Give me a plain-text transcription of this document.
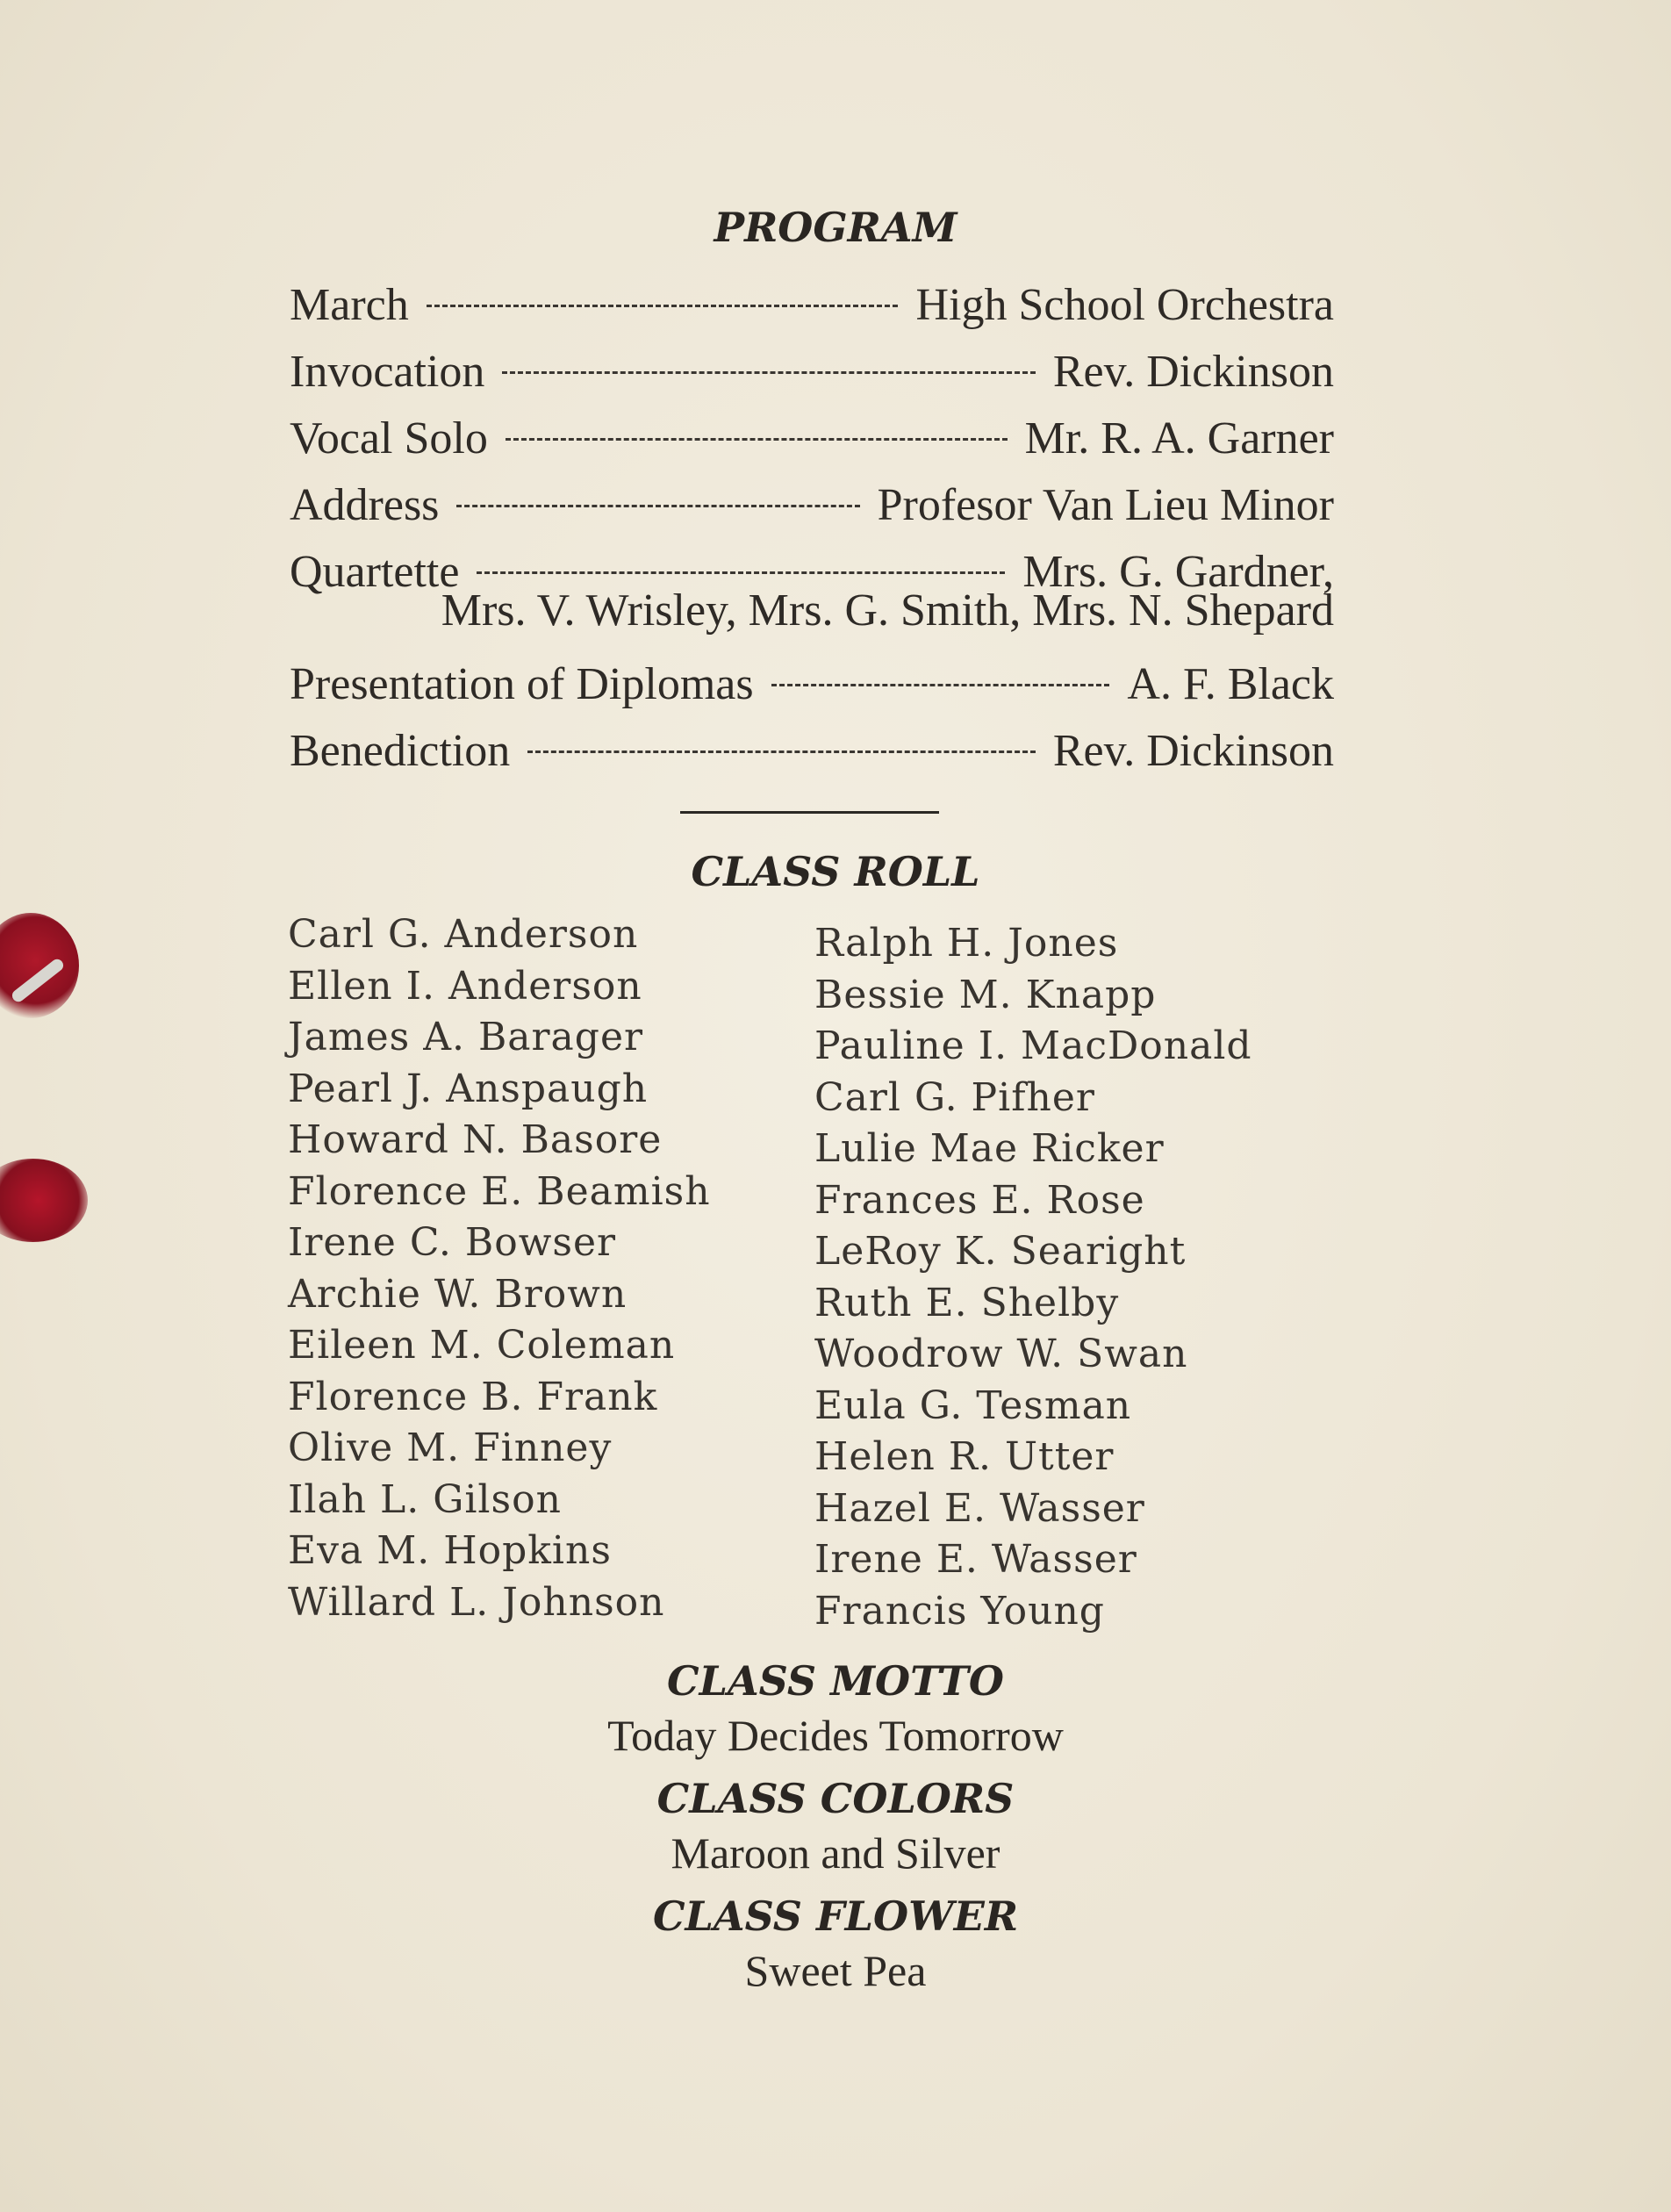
PROGRAM
March	High School Orchestra
Invocation	Rev. Dickinson
Vocal Solo	Mr. R. A. Garner
Address	Profesor Van Lieu Minor
Quartette	Mrs. G. Gardner,
Mrs. V. Wrisley, Mrs. G. Smith, Mrs. N. Shepard
Presentation of Diplomas	A. F. Black
Benediction	Rev. Dickinson
CLASS ROLL
Carl G. Anderson
Ellen I. Anderson
James A. Barager
Pearl J. Anspaugh
Howard N. Basore
Florence E. Beamish
Irene C. Bowser
Archie W. Brown
Eileen M. Coleman
Florence B. Frank
Olive M. Finney
Ilah L. Gilson
Eva M. Hopkins
Willard L. Johnson
Ralph H. Jones
Bessie M. Knapp
Pauline I. MacDonald
Carl G. Pifher
Lulie Mae Ricker
Frances E. Rose
LeRoy K. Searight
Ruth E. Shelby
Woodrow W. Swan
Eula G. Tesman
Helen R. Utter
Hazel E. Wasser
Irene E. Wasser
Francis Young
CLASS MOTTO
Today Decides Tomorrow
CLASS COLORS
Maroon and Silver
CLASS FLOWER
Sweet Pea
